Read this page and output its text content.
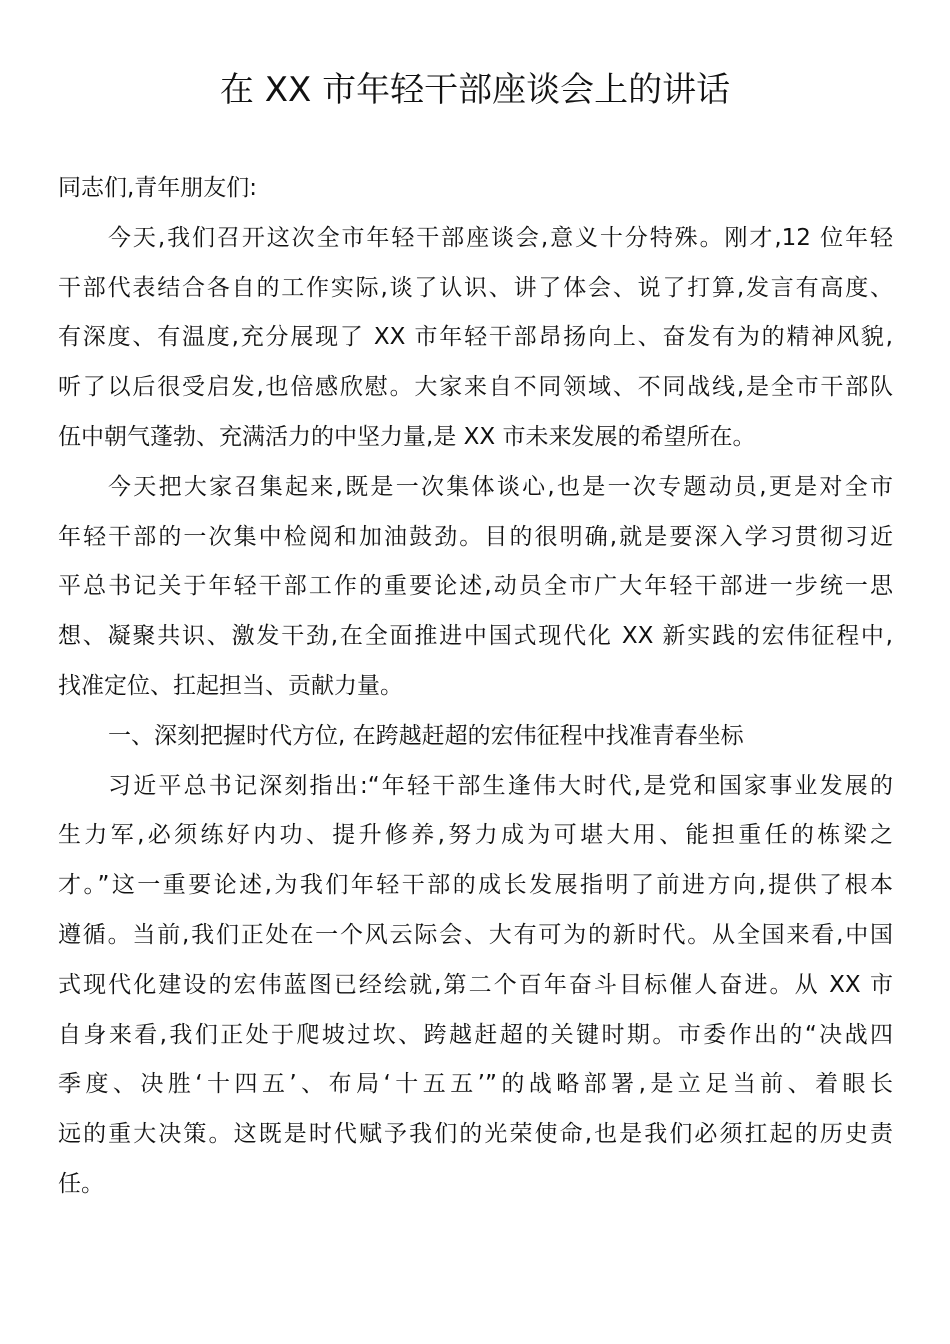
在 XX 市年轻干部座谈会上的讲话
同志们,青年朋友们:
今天,我们召开这次全市年轻干部座谈会,意义十分特殊。刚才,12 位年轻
干部代表结合各自的工作实际,谈了认识、讲了体会、说了打算,发言有高度、
有深度、有温度,充分展现了 XX 市年轻干部昂扬向上、奋发有为的精神风貌,
听了以后很受启发,也倍感欣慰。大家来自不同领域、不同战线,是全市干部队
伍中朝气蓬勃、充满活力的中坚力量,是 XX 市未来发展的希望所在。
今天把大家召集起来,既是一次集体谈心,也是一次专题动员,更是对全市
年轻干部的一次集中检阅和加油鼓劲。目的很明确,就是要深入学习贯彻习近
平总书记关于年轻干部工作的重要论述,动员全市广大年轻干部进一步统一思
想、凝聚共识、激发干劲,在全面推进中国式现代化 XX 新实践的宏伟征程中,
找准定位、扛起担当、贡献力量。
一、深刻把握时代方位, 在跨越赶超的宏伟征程中找准青春坐标
习近平总书记深刻指出:“年轻干部生逢伟大时代,是党和国家事业发展的
生力军,必须练好内功、提升修养,努力成为可堪大用、能担重任的栋梁之
才。”这一重要论述,为我们年轻干部的成长发展指明了前进方向,提供了根本
遵循。当前,我们正处在一个风云际会、大有可为的新时代。从全国来看,中国
式现代化建设的宏伟蓝图已经绘就,第二个百年奋斗目标催人奋进。从 XX 市
自身来看,我们正处于爬坡过坎、跨越赶超的关键时期。市委作出的“决战四
季度、决胜‘十四五’、布局‘十五五’”的战略部署,是立足当前、着眼长
远的重大决策。这既是时代赋予我们的光荣使命,也是我们必须扛起的历史责
任。
